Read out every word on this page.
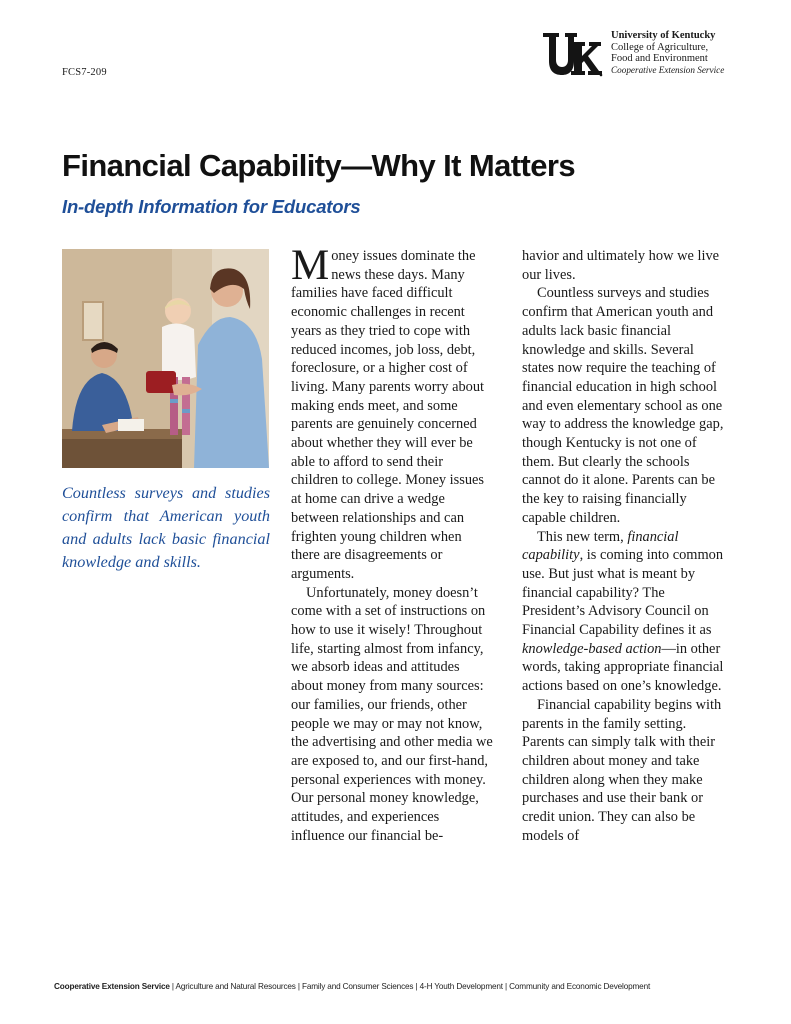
FCS7-209
University of Kentucky
College of Agriculture,
Food and Environment
Cooperative Extension Service
Financial Capability—Why It Matters
In-depth Information for Educators

Countless surveys and studies confirm that American youth and adults lack basic financial knowledge and skills.

Money issues dominate the news these days. Many families have faced difficult economic challenges in recent years as they tried to cope with reduced incomes, job loss, debt, foreclosure, or a higher cost of living. Many parents worry about making ends meet, and some parents are genuinely concerned about whether they will ever be able to afford to send their children to college. Money issues at home can drive a wedge between relationships and can frighten young children when there are disagreements or arguments.

Unfortunately, money doesn’t come with a set of instructions on how to use it wisely! Throughout life, starting almost from infancy, we absorb ideas and attitudes about money from many sources: our families, our friends, other people we may or may not know, the advertising and other media we are exposed to, and our first-hand, personal experiences with money. Our personal money knowledge, attitudes, and experiences influence our financial be-

havior and ultimately how we live our lives.

Countless surveys and studies confirm that American youth and adults lack basic financial knowledge and skills. Several states now require the teaching of financial education in high school and even elementary school as one way to address the knowledge gap, though Kentucky is not one of them. But clearly the schools cannot do it alone. Parents can be the key to raising financially capable children.

This new term, financial capability, is coming into common use. But just what is meant by financial capability? The President’s Advisory Council on Financial Capability defines it as knowledge-based action—in other words, taking appropriate financial actions based on one’s knowledge.

Financial capability begins with parents in the family setting. Parents can simply talk with their children about money and take children along when they make purchases and use their bank or credit union. They can also be models of

Cooperative Extension Service | Agriculture and Natural Resources | Family and Consumer Sciences | 4-H Youth Development | Community and Economic Development
